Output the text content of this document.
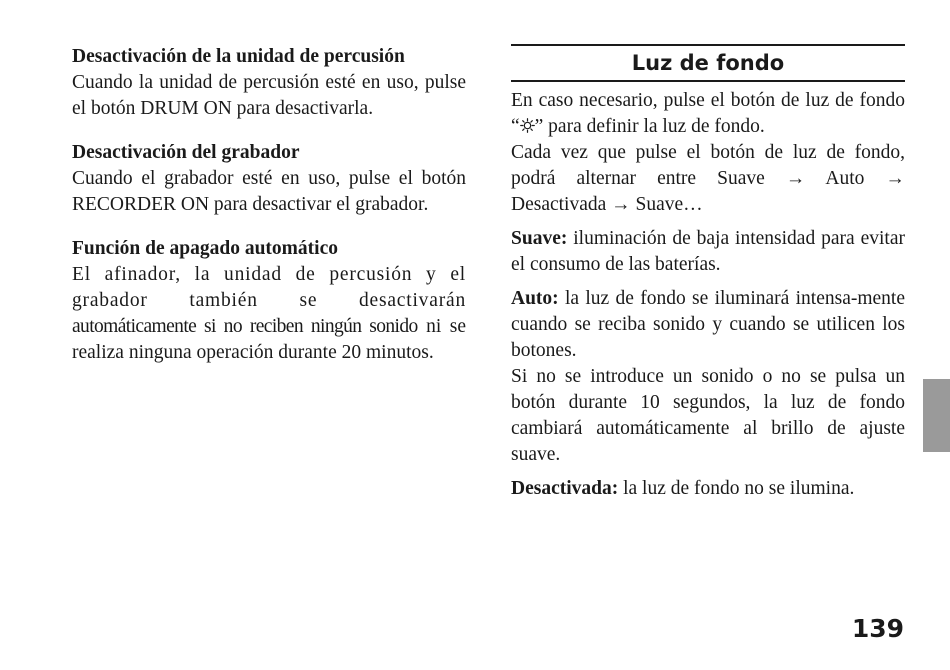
Desactivación de la unidad de percusión

Cuando la unidad de percusión esté en uso, pulse el botón DRUM ON para desactivarla.

Desactivación del grabador

Cuando el grabador esté en uso, pulse el botón RECORDER ON para desactivar el grabador.

Función de apagado automático

El afinador, la unidad de percusión y el grabador también se desactivarán automáticamente si no reciben ningún sonido ni se realiza ninguna operación durante 20 minutos.

Luz de fondo

En caso necesario, pulse el botón de luz de fondo “ ” para definir la luz de fondo.

Cada vez que pulse el botón de luz de fondo, podrá alternar entre Suave → Auto → Desactivada → Suave…

Suave: iluminación de baja intensidad para evitar el consumo de las baterías.

Auto: la luz de fondo se iluminará intensa-mente cuando se reciba sonido y cuando se utilicen los botones.

Si no se introduce un sonido o no se pulsa un botón durante 10 segundos, la luz de fondo cambiará automáticamente al brillo de ajuste suave.

Desactivada: la luz de fondo no se ilumina.

139
